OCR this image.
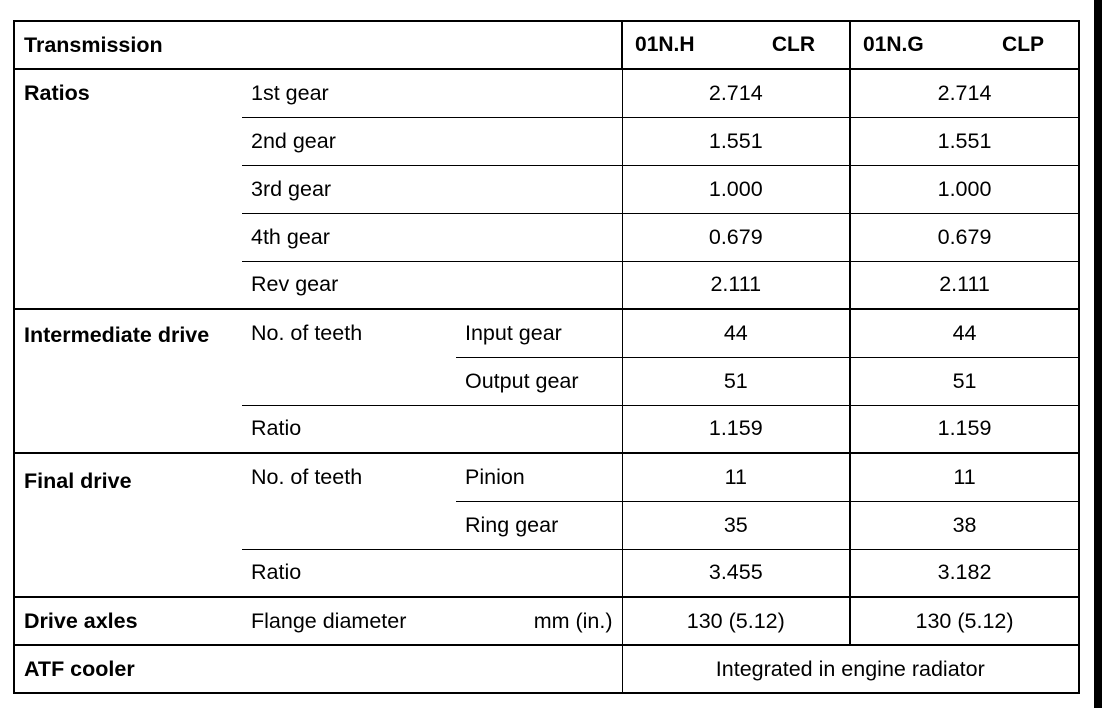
Transmission			01N.H CLR	01N.G CLP

Ratios	1st gear		2.714	2.714
	2nd gear		1.551	1.551
	3rd gear		1.000	1.000
	4th gear		0.679	0.679
	Rev gear		2.111	2.111
Intermediate drive	No. of teeth	Input gear	44	44
		Output gear	51	51
	Ratio		1.159	1.159
Final drive	No. of teeth	Pinion	11	11
		Ring gear	35	38
	Ratio		3.455	3.182
Drive axles	Flange diameter	mm (in.)	130 (5.12)	130 (5.12)
ATF cooler			Integrated in engine radiator	
